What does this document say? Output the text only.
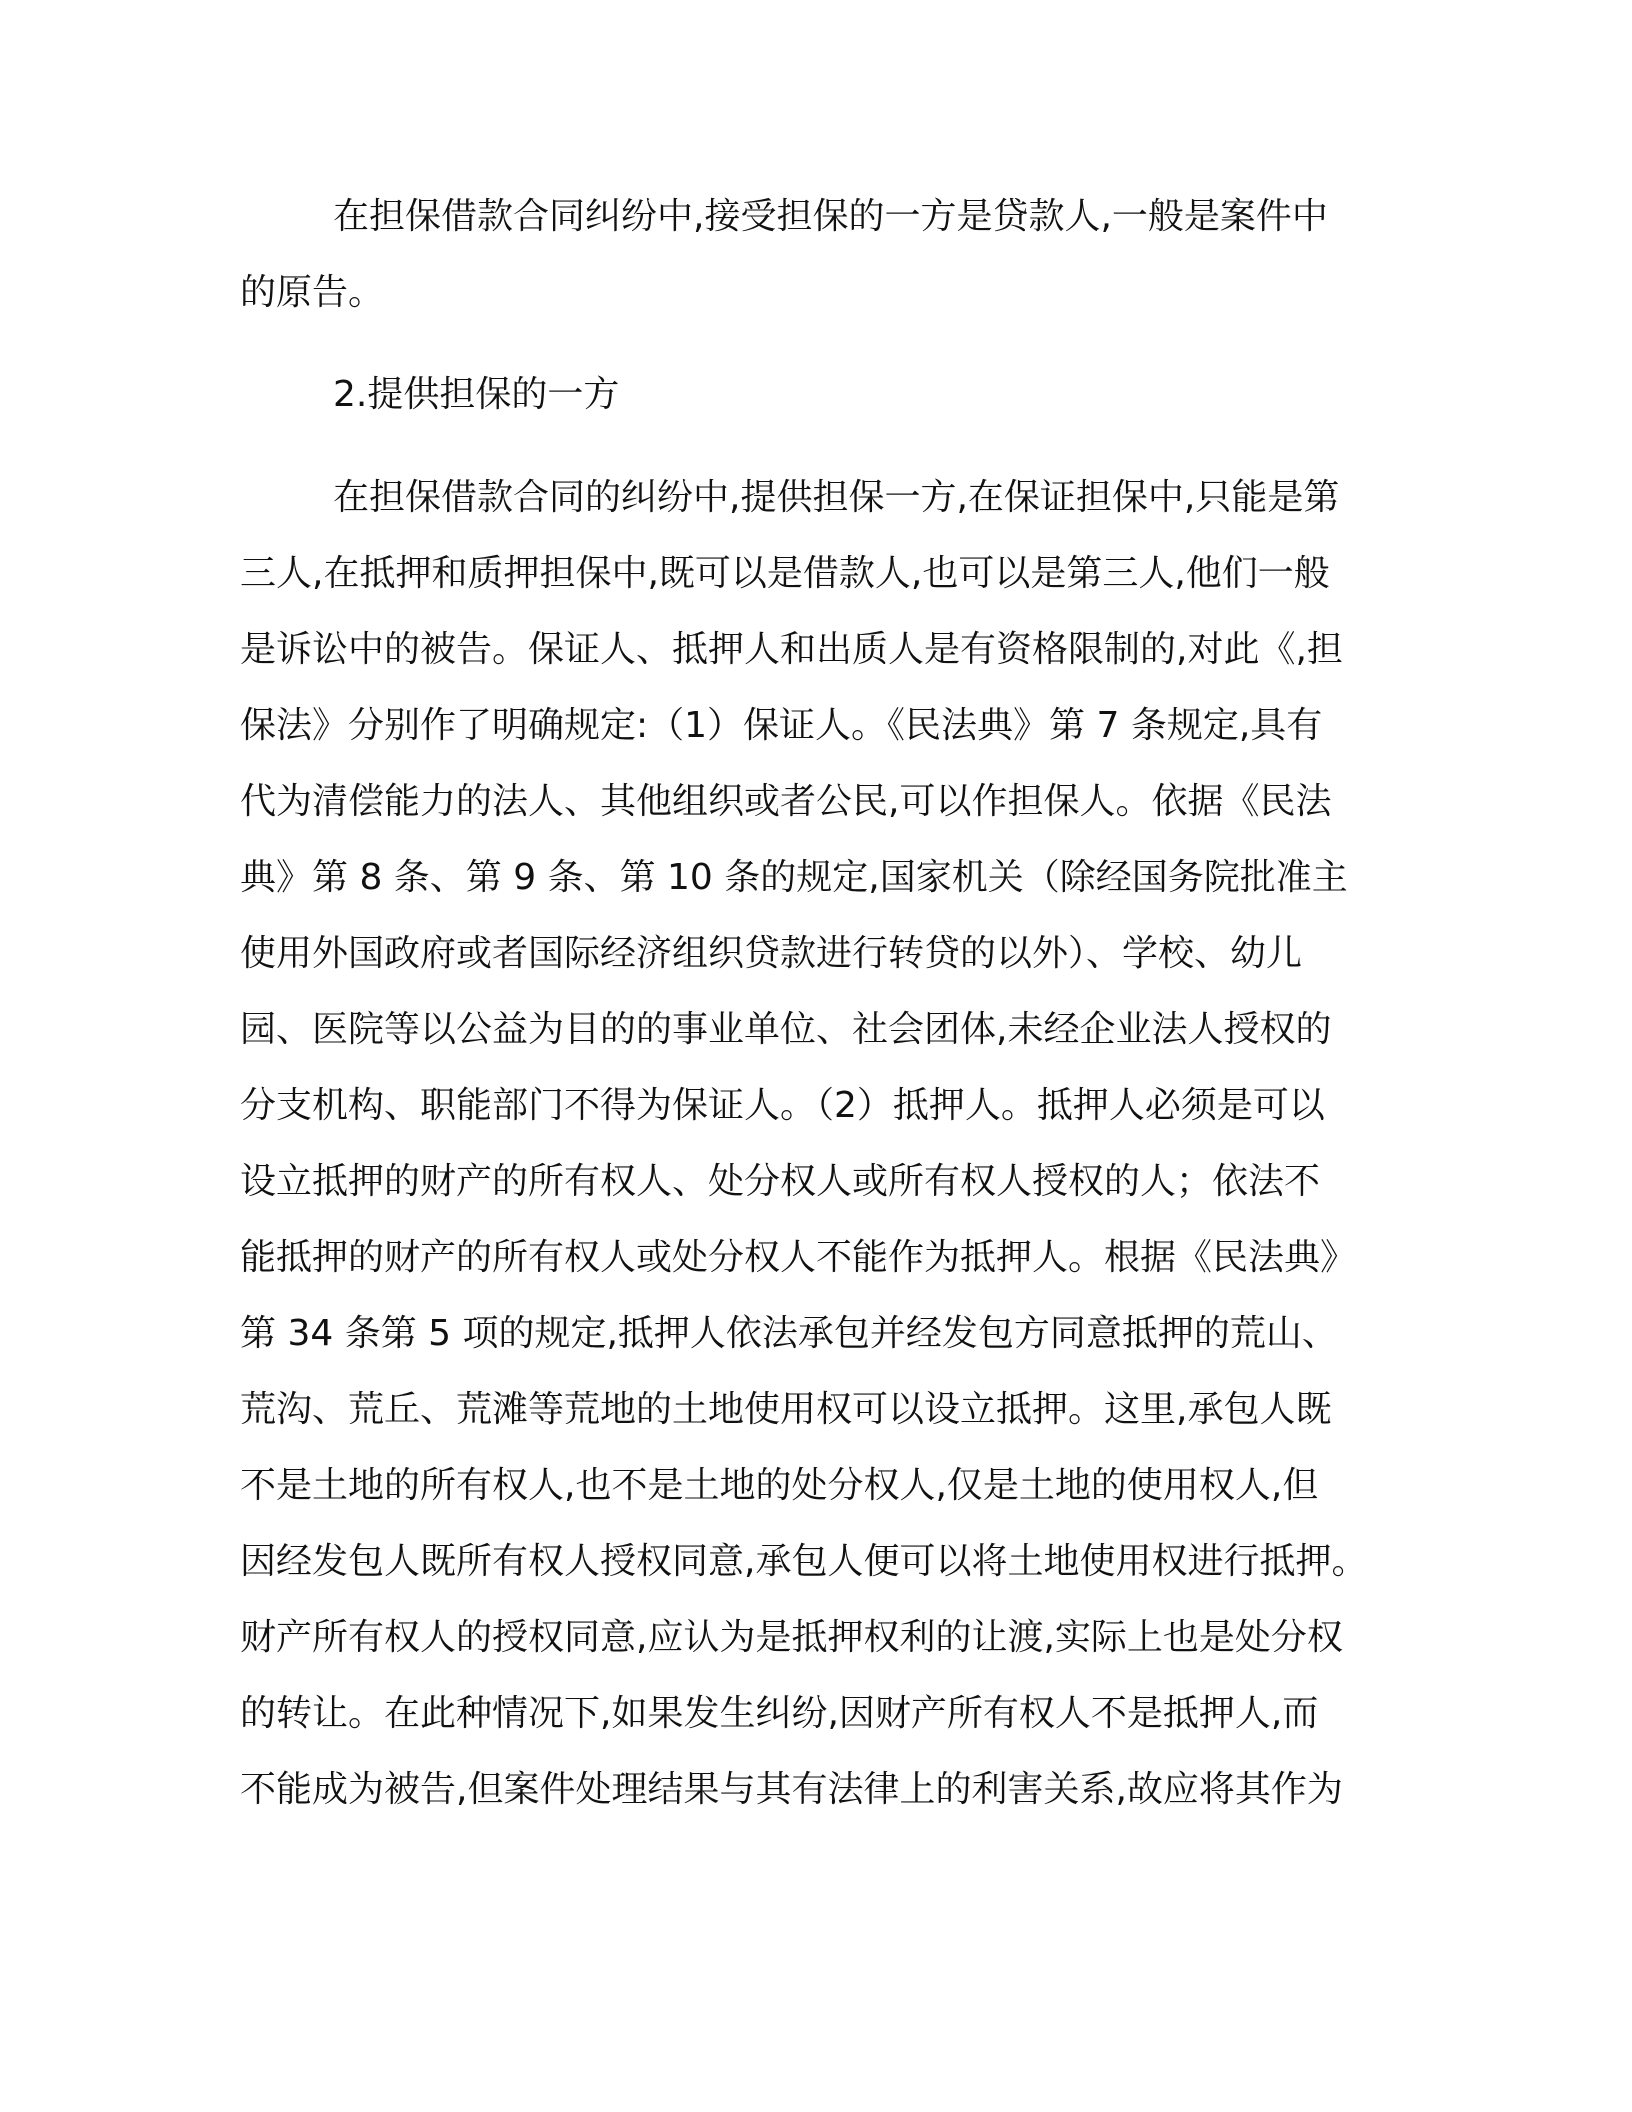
在担保借款合同纠纷中,接受担保的一方是贷款人,一般是案件中

的原告。

2.提供担保的一方

在担保借款合同的纠纷中,提供担保一方,在保证担保中,只能是第

三人,在抵押和质押担保中,既可以是借款人,也可以是第三人,他们一般

是诉讼中的被告。保证人、抵押人和出质人是有资格限制的,对此《,担

保法》分别作了明确规定:（1）保证人。《民法典》第 7 条规定,具有

代为清偿能力的法人、其他组织或者公民,可以作担保人。依据《民法

典》第 8 条、第 9 条、第 10 条的规定,国家机关（除经国务院批准主

使用外国政府或者国际经济组织贷款进行转贷的以外）、学校、幼儿

园、医院等以公益为目的的事业单位、社会团体,未经企业法人授权的

分支机构、职能部门不得为保证人。（2）抵押人。抵押人必须是可以

设立抵押的财产的所有权人、处分权人或所有权人授权的人；依法不

能抵押的财产的所有权人或处分权人不能作为抵押人。根据《民法典》

第 34 条第 5 项的规定,抵押人依法承包并经发包方同意抵押的荒山、

荒沟、荒丘、荒滩等荒地的土地使用权可以设立抵押。这里,承包人既

不是土地的所有权人,也不是土地的处分权人,仅是土地的使用权人,但

因经发包人既所有权人授权同意,承包人便可以将土地使用权进行抵押。

财产所有权人的授权同意,应认为是抵押权利的让渡,实际上也是处分权

的转让。在此种情况下,如果发生纠纷,因财产所有权人不是抵押人,而

不能成为被告,但案件处理结果与其有法律上的利害关系,故应将其作为
